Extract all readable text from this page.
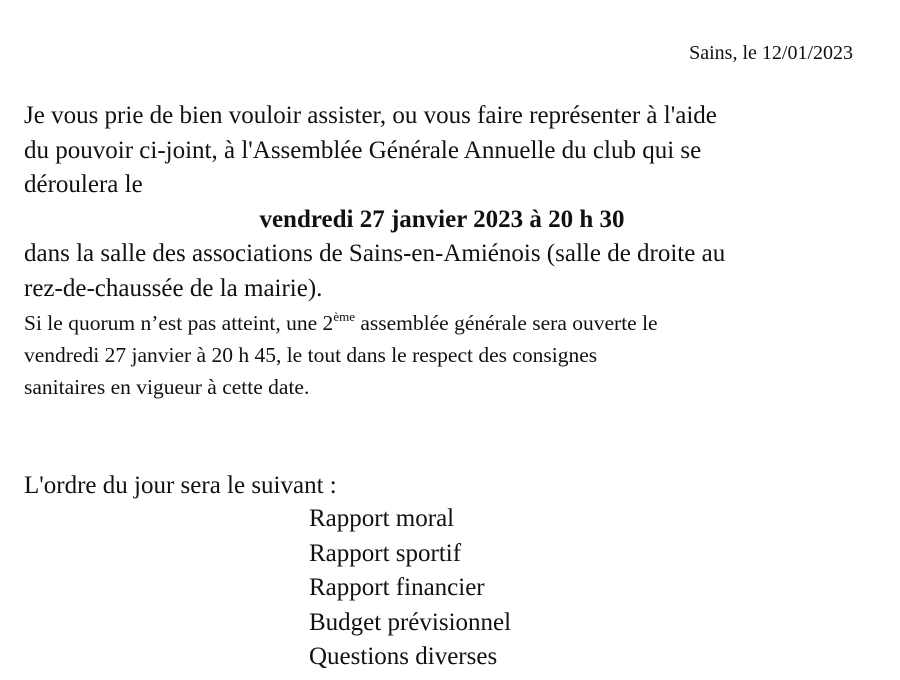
Sains, le 12/01/2023

Je vous prie de bien vouloir assister, ou vous faire représenter à l'aide
du pouvoir ci-joint, à l'Assemblée Générale Annuelle du club qui se
déroulera le
vendredi 27 janvier 2023 à 20 h 30
dans la salle des associations de Sains-en-Amiénois (salle de droite au
rez-de-chaussée de la mairie).

Si le quorum n’est pas atteint, une 2ème assemblée générale sera ouverte le
vendredi 27 janvier à 20 h 45, le tout dans le respect des consignes
sanitaires en vigueur à cette date.
L'ordre du jour sera le suivant :
Rapport moral
Rapport sportif
Rapport financier
Budget prévisionnel
Questions diverses
